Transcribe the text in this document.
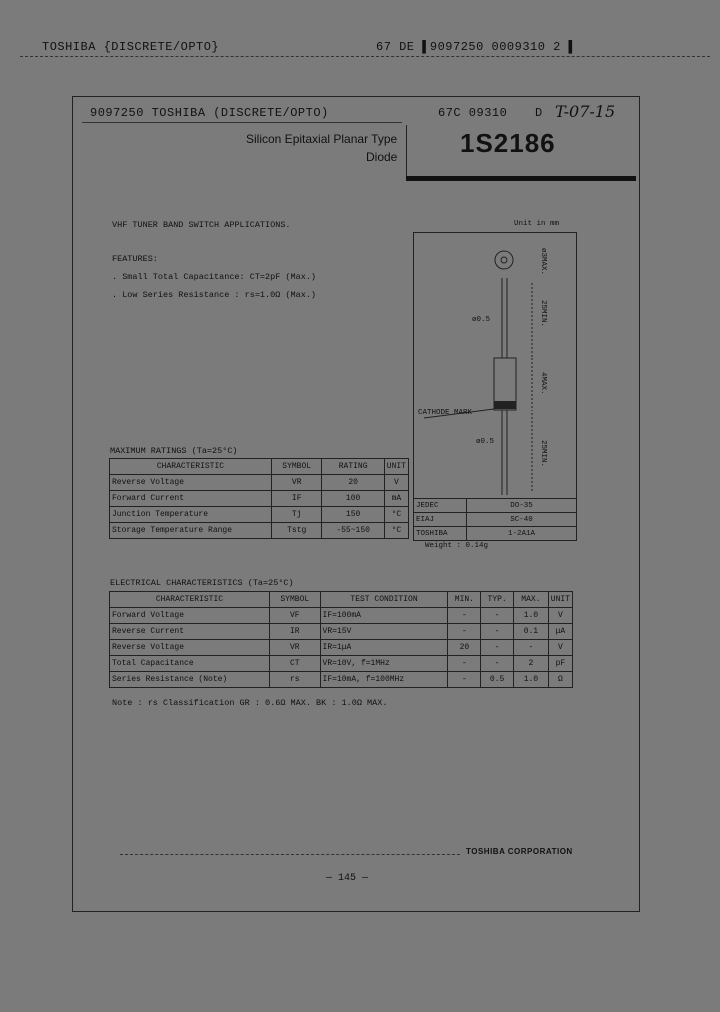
TOSHIBA {DISCRETE/OPTO}	67 DE ▌9097250 0009310 2 ▌
9097250 TOSHIBA (DISCRETE/OPTO)	67C 09310 D T-07-15
Silicon Epitaxial Planar Type
Diode 1S2186
VHF TUNER BAND SWITCH APPLICATIONS.
FEATURES:
. Small Total Capacitance: CT=2pF (Max.)
. Low Series Resistance : rs=1.0Ω (Max.)
Unit in mm
ø3MAX.
25MIN.
ø0.5
4MAX.
CATHODE MARK
ø0.5	25MIN.
JEDEC	DO-35
EIAJ	SC-40
TOSHIBA	1-2A1A
Weight : 0.14g
MAXIMUM RATINGS (Ta=25°C)
CHARACTERISTIC	SYMBOL	RATING	UNIT
Reverse Voltage	VR	20	V
Forward Current	IF	100	mA
Junction Temperature	Tj	150	°C
Storage Temperature Range	Tstg	-55~150	°C
ELECTRICAL CHARACTERISTICS (Ta=25°C)
CHARACTERISTIC	SYMBOL	TEST CONDITION	MIN.	TYP.	MAX.	UNIT
Forward Voltage	VF	IF=100mA	-	-	1.0	V
Reverse Current	IR	VR=15V	-	-	0.1	μA
Reverse Voltage	VR	IR=1μA	20	-	-	V
Total Capacitance	CT	VR=10V, f=1MHz	-	-	2	pF
Series Resistance (Note)	rs	IF=10mA, f=100MHz	-	0.5	1.0	Ω
Note : rs Classification GR : 0.6Ω MAX. BK : 1.0Ω MAX.
TOSHIBA CORPORATION
— 145 —
